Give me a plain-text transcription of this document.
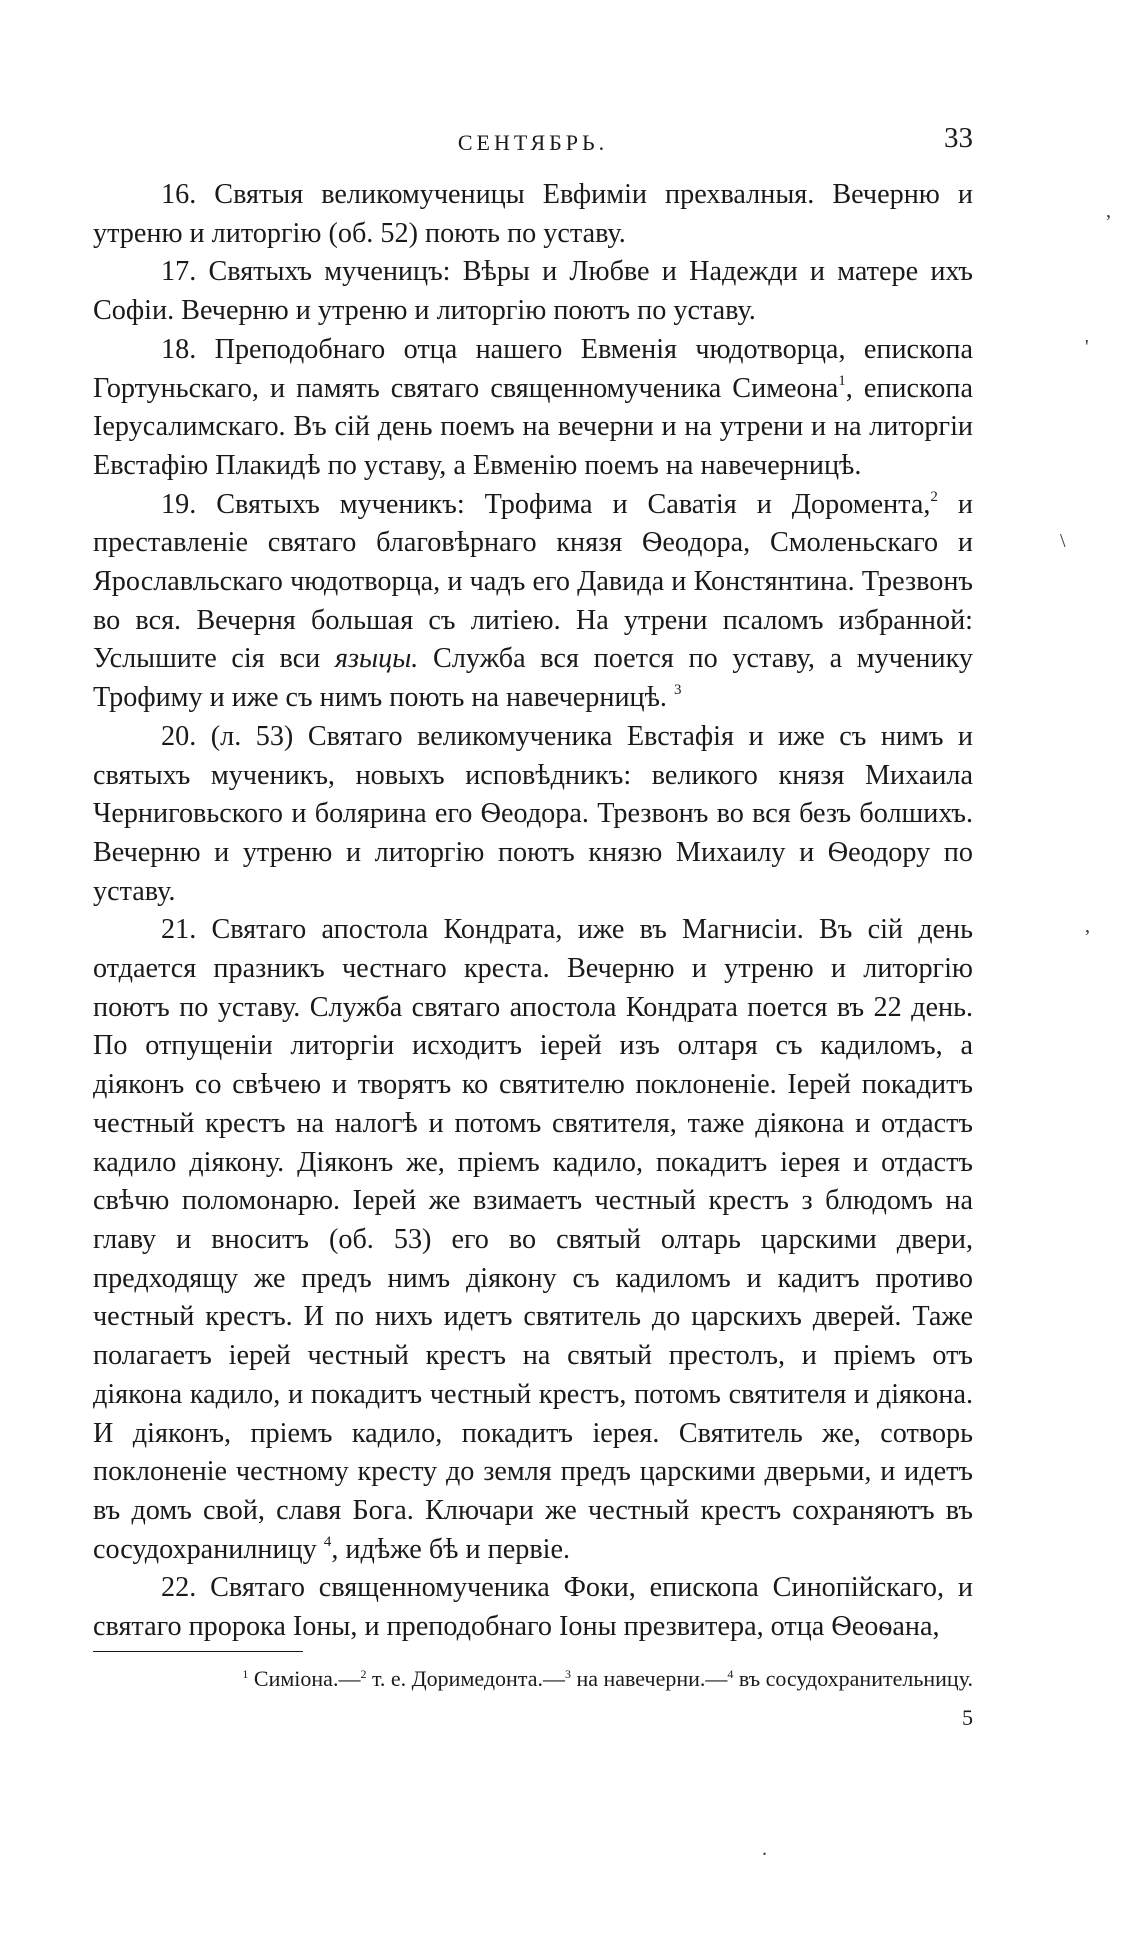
СЕНТЯБРЬ.	33

16. Святыя великомученицы Евфиміи прехвалныя. Вечерню и утреню и литоргію (об. 52) поють по уставу.

17. Святыхъ мученицъ: Вѣры и Любве и Надежди и матере ихъ Софіи. Вечерню и утреню и литоргію поютъ по уставу.

18. Преподобнаго отца нашего Евменія чюдотворца, епископа Гортуньскаго, и память святаго священномученика Симеона$^1$, епископа Іерусалимскаго. Въ сій день поемъ на вечерни и на утрени и на литоргіи Евстафію Плакидѣ по уставу, а Евменію поемъ на навечерницѣ.

19. Святыхъ мученикъ: Трофима и Саватія и Доромента,$^2$ и преставленіе святаго благовѣрнаго князя Ѳеодора, Смоленьскаго и Ярославльскаго чюдотворца, и чадъ его Давида и Констянтина. Трезвонъ во вся. Вечерня большая съ литіею. На утрени псаломъ избранной: Услышите сія вси языцы. Служба вся поется по уставу, а мученику Трофиму и иже съ нимъ поють на навечерницѣ. $^3$

20. (л. 53) Святаго великомученика Евстафія и иже съ нимъ и святыхъ мученикъ, новыхъ исповѣдникъ: великого князя Михаила Черниговьского и болярина его Ѳеодора. Трезвонъ во вся безъ болшихъ. Вечерню и утреню и литоргію поютъ князю Михаилу и Ѳеодору по уставу.

21. Святаго апостола Кондрата, иже въ Магнисіи. Въ сій день отдается празникъ честнаго креста. Вечерню и утреню и литоргію поютъ по уставу. Служба святаго апостола Кондрата поется въ 22 день. По отпущеніи литоргіи исходитъ іерей изъ олтаря съ кадиломъ, а діяконъ со свѣчею и творятъ ко святителю поклоненіе. Іерей покадитъ честный крестъ на налогѣ и потомъ святителя, таже діякона и отдастъ кадило діякону. Діяконъ же, пріемъ кадило, покадитъ іерея и отдастъ свѣчю поломонарю. Іерей же взимаетъ честный крестъ з блюдомъ на главу и вноситъ (об. 53) его во святый олтарь царскими двери, предходящу же предъ нимъ діякону съ кадиломъ и кадитъ противо честный крестъ. И по нихъ идетъ святитель до царскихъ дверей. Таже полагаетъ іерей честный крестъ на святый престолъ, и пріемъ отъ діякона кадило, и покадитъ честный крестъ, потомъ святителя и діякона. И діяконъ, пріемъ кадило, покадитъ іерея. Святитель же, сотворь поклоненіе честному кресту до земля предъ царскими дверьми, и идетъ въ домъ свой, славя Бога. Ключари же честный крестъ сохраняютъ въ сосудохранилницу $^4$, идѣже бѣ и первіе.

22. Святаго священномученика Фоки, епископа Синопійскаго, и святаго пророка Іоны, и преподобнаго Іоны презвитера, отца Ѳеоѳана,

$^1$ Симіона.—$^2$ т. е. Доримедонта.—$^3$ на навечерни.—$^4$ въ сосудохранительницу.
5
,
'
\
,
.
